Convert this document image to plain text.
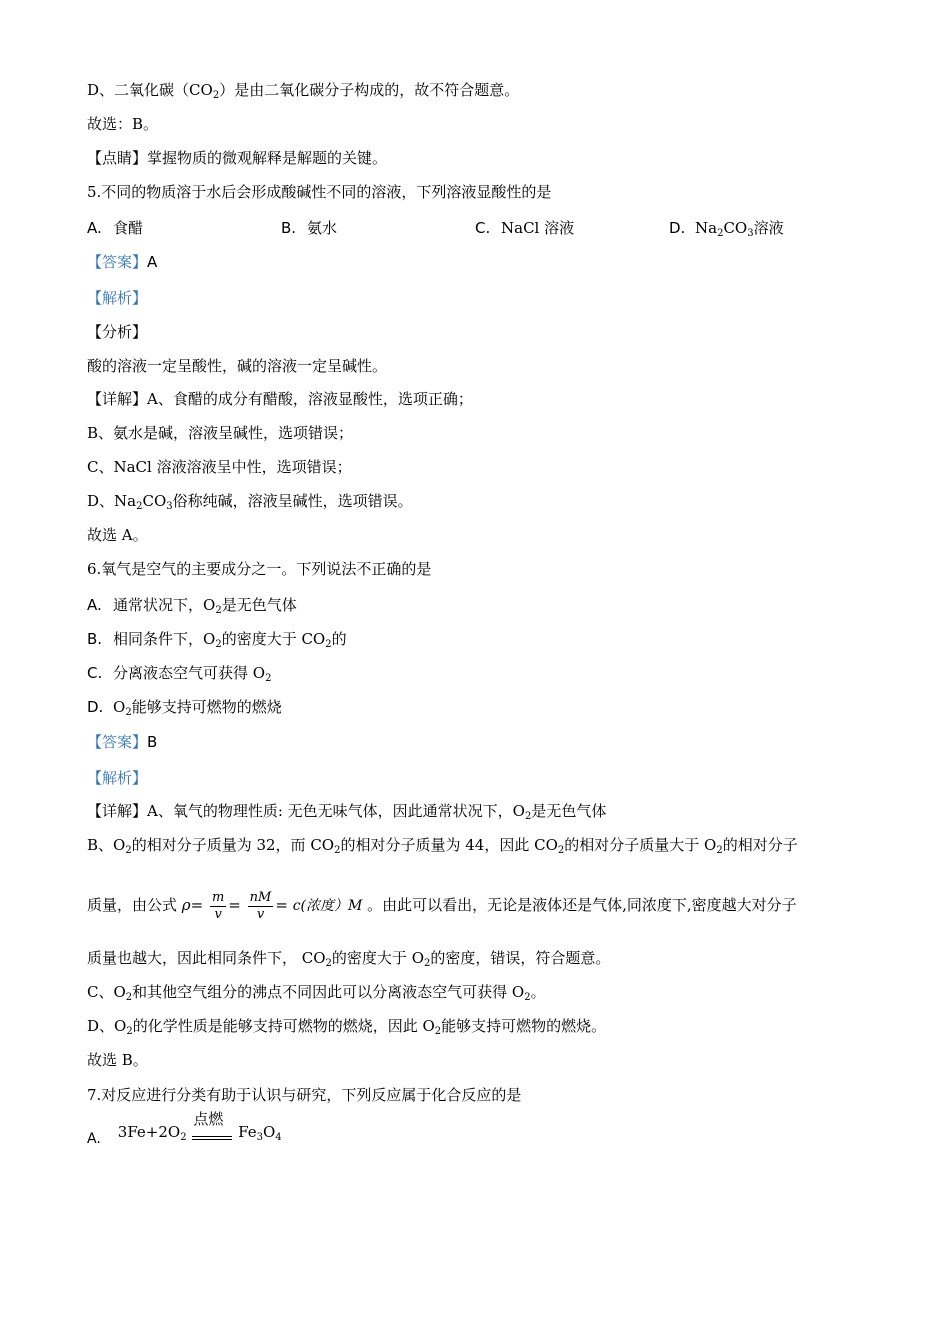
D、二氧化碳$(CO_2)$是由二氧化碳分子构成的，故不符合题意。
故选：B。
【点睛】掌握物质的微观解释是解题的关键。
5.不同的物质溶于水后会形成酸碱性不同的溶液，下列溶液显酸性的是
A. 食醋	B. 氨水	C. NaCl 溶液	D. $Na_2CO_3$溶液
【答案】A
【解析】
【分析】
酸的溶液一定呈酸性，碱的溶液一定呈碱性。
【详解】A、食醋的成分有醋酸，溶液显酸性，选项正确；
B、氨水是碱，溶液呈碱性，选项错误；
C、NaCl 溶液溶液呈中性，选项错误；
D、$Na_2CO_3$俗称纯碱，溶液呈碱性，选项错误。
故选 A。
6.氧气是空气的主要成分之一。下列说法不正确的是
A. 通常状况下，$O_2$是无色气体
B. 相同条件下，$O_2$的密度大于 $CO_2$的
C. 分离液态空气可获得 $O_2$
D. $O_2$能够支持可燃物的燃烧
【答案】B
【解析】
【详解】A、氧气的物理性质: 无色无味气体，因此通常状况下，$O_2$是无色气体
B、$O_2$的相对分子质量为 32，而 $CO_2$的相对分子质量为 44，因此 $CO_2$的相对分子质量大于 $O_2$的相对分子
质量，由公式 $\rho= \frac{m}{v} = \frac{nM}{v} = c$(浓度）M 。由此可以看出，无论是液体还是气体,同浓度下,密度越大对分子
质量也越大，因此相同条件下， $CO_2$的密度大于 $O_2$的密度，错误，符合题意。
C、$O_2$和其他空气组分的沸点不同因此可以分离液态空气可获得 $O_2$。
D、$O_2$的化学性质是能够支持可燃物的燃烧，因此 $O_2$能够支持可燃物的燃烧。
故选 B。
7.对反应进行分类有助于认识与研究，下列反应属于化合反应的是
A. $3Fe+2O_2$
点燃
$Fe_3O_4$
